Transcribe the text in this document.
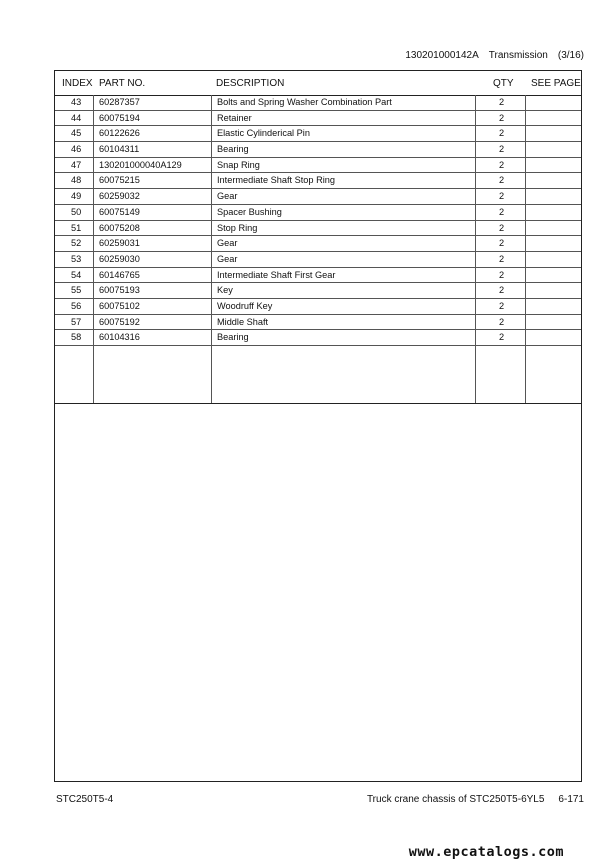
130201000142A Transmission (3/16)
INDEX PART NO.	DESCRIPTION	QTY SEE PAGE
43 60287357	Bolts and Spring Washer Combination Part	2
44 60075194	Retainer	2
45 60122626	Elastic Cylinderical Pin	2
46 60104311	Bearing	2
47 130201000040A129	Snap Ring	2
48 60075215	Intermediate Shaft Stop Ring	2
49 60259032	Gear	2
50 60075149	Spacer Bushing	2
51 60075208	Stop Ring	2
52 60259031	Gear	2
53 60259030	Gear	2
54 60146765	Intermediate Shaft First Gear	2
55 60075193	Key	2
56 60075102	Woodruff Key	2
57 60075192	Middle Shaft	2
58 60104316	Bearing	2
STC250T5-4	Truck crane chassis of STC250T5-6YL5 6-171
www.epcatalogs.com
